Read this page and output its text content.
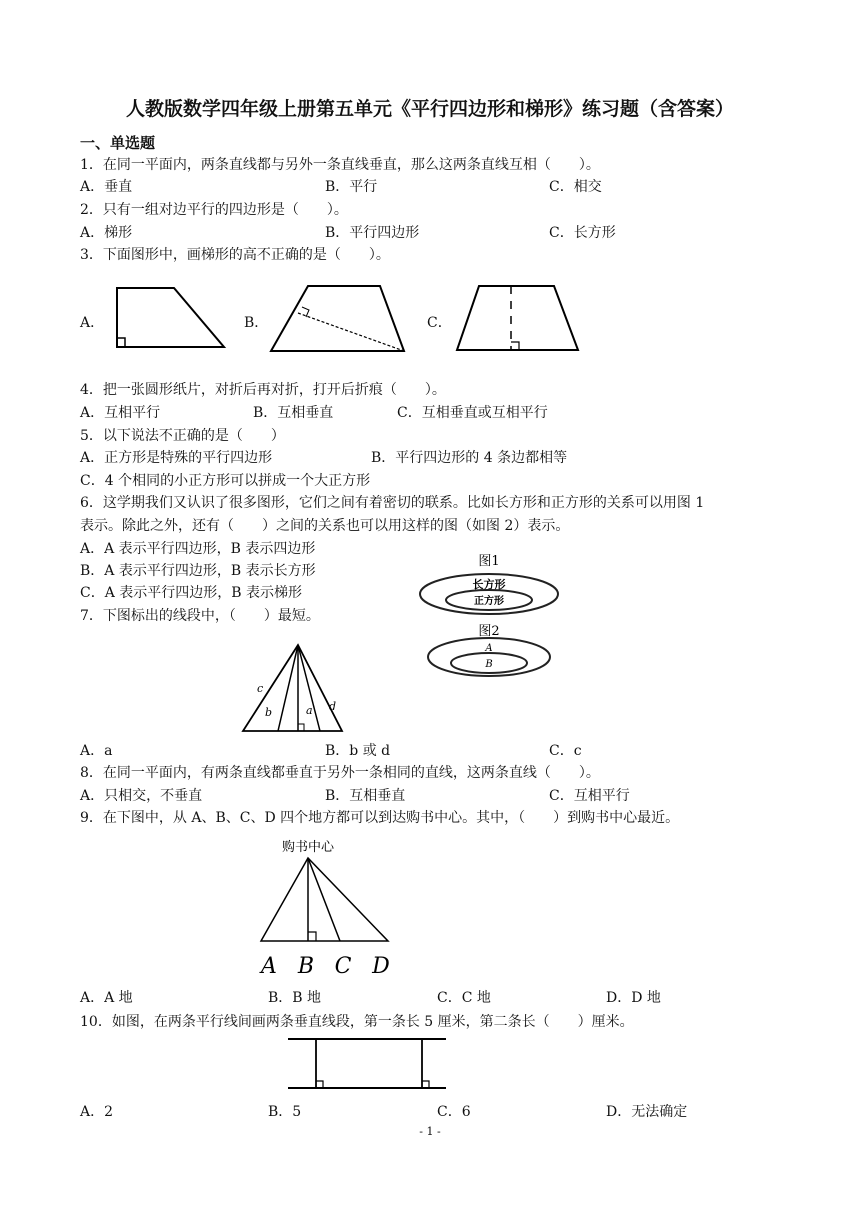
人教版数学四年级上册第五单元《平行四边形和梯形》练习题（含答案）
一、单选题
1．在同一平面内，两条直线都与另外一条直线垂直，那么这两条直线互相（　　）。
A．垂直	B．平行	C．相交
2．只有一组对边平行的四边形是（　　）。
A．梯形	B．平行四边形	C．长方形
3．下面图形中，画梯形的高不正确的是（　　）。
A．	B．	C．
4．把一张圆形纸片，对折后再对折，打开后折痕（　　）。
A．互相平行	B．互相垂直	C．互相垂直或互相平行
5．以下说法不正确的是（　　）
A．正方形是特殊的平行四边形	B．平行四边形的 4 条边都相等
C．4 个相同的小正方形可以拼成一个大正方形
6．这学期我们又认识了很多图形，它们之间有着密切的联系。比如长方形和正方形的关系可以用图 1
表示。除此之外，还有（　　）之间的关系也可以用这样的图（如图 2）表示。
A．A 表示平行四边形，B 表示四边形
B．A 表示平行四边形，B 表示长方形
C．A 表示平行四边形，B 表示梯形
图1
长方形
正方形
图2
A
B
7．下图标出的线段中，（　　）最短。
c
b	a d
A．a	B．b 或 d	C．c
8．在同一平面内，有两条直线都垂直于另外一条相同的直线，这两条直线（　　）。
A．只相交，不垂直	B．互相垂直	C．互相平行
9．在下图中，从 A、B、C、D 四个地方都可以到达购书中心。其中，（　　）到购书中心最近。
购书中心
A B C D
A．A 地	B．B 地	C．C 地	D．D 地
10．如图，在两条平行线间画两条垂直线段，第一条长 5 厘米，第二条长（　　）厘米。
A．2	B．5	C．6	D．无法确定
- 1 -
